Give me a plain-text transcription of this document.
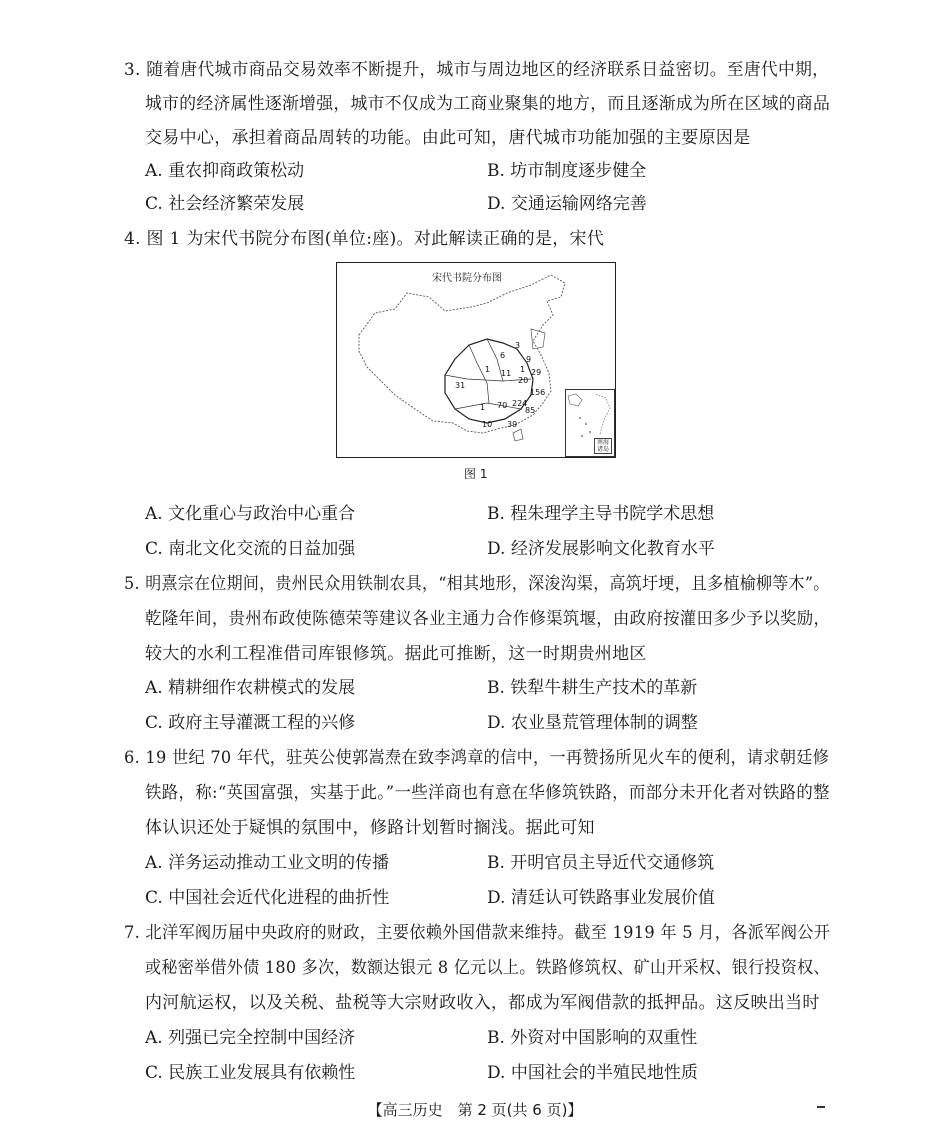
3. 随着唐代城市商品交易效率不断提升，城市与周边地区的经济联系日益密切。至唐代中期，
城市的经济属性逐渐增强，城市不仅成为工商业聚集的地方，而且逐渐成为所在区域的商品
交易中心，承担着商品周转的功能。由此可知，唐代城市功能加强的主要原因是
A. 重农抑商政策松动	B. 坊市制度逐步健全
C. 社会经济繁荣发展	D. 交通运输网络完善
4. 图 1 为宋代书院分布图(单位:座)。对此解读正确的是，宋代
宋代书院分布图
3
6	9
1
31
11
20
29
156
1 70 224
85
10 39
1
南海诸岛
图 1
A. 文化重心与政治中心重合	B. 程朱理学主导书院学术思想
C. 南北文化交流的日益加强	D. 经济发展影响文化教育水平
5. 明熹宗在位期间，贵州民众用铁制农具，“相其地形，深浚沟渠，高筑圩埂，且多植榆柳等木”。
乾隆年间，贵州布政使陈德荣等建议各业主通力合作修渠筑堰，由政府按灌田多少予以奖励，
较大的水利工程准借司库银修筑。据此可推断，这一时期贵州地区
A. 精耕细作农耕模式的发展	B. 铁犁牛耕生产技术的革新
C. 政府主导灌溉工程的兴修	D. 农业垦荒管理体制的调整
6. 19 世纪 70 年代，驻英公使郭嵩焘在致李鸿章的信中，一再赞扬所见火车的便利，请求朝廷修
铁路，称:“英国富强，实基于此。”一些洋商也有意在华修筑铁路，而部分未开化者对铁路的整
体认识还处于疑惧的氛围中，修路计划暂时搁浅。据此可知
A. 洋务运动推动工业文明的传播	B. 开明官员主导近代交通修筑
C. 中国社会近代化进程的曲折性	D. 清廷认可铁路事业发展价值
7. 北洋军阀历届中央政府的财政，主要依赖外国借款来维持。截至 1919 年 5 月，各派军阀公开
或秘密举借外债 180 多次，数额达银元 8 亿元以上。铁路修筑权、矿山开采权、银行投资权、
内河航运权，以及关税、盐税等大宗财政收入，都成为军阀借款的抵押品。这反映出当时
A. 列强已完全控制中国经济	B. 外资对中国影响的双重性
C. 民族工业发展具有依赖性	D. 中国社会的半殖民地性质
【高三历史　第 2 页(共 6 页)】
